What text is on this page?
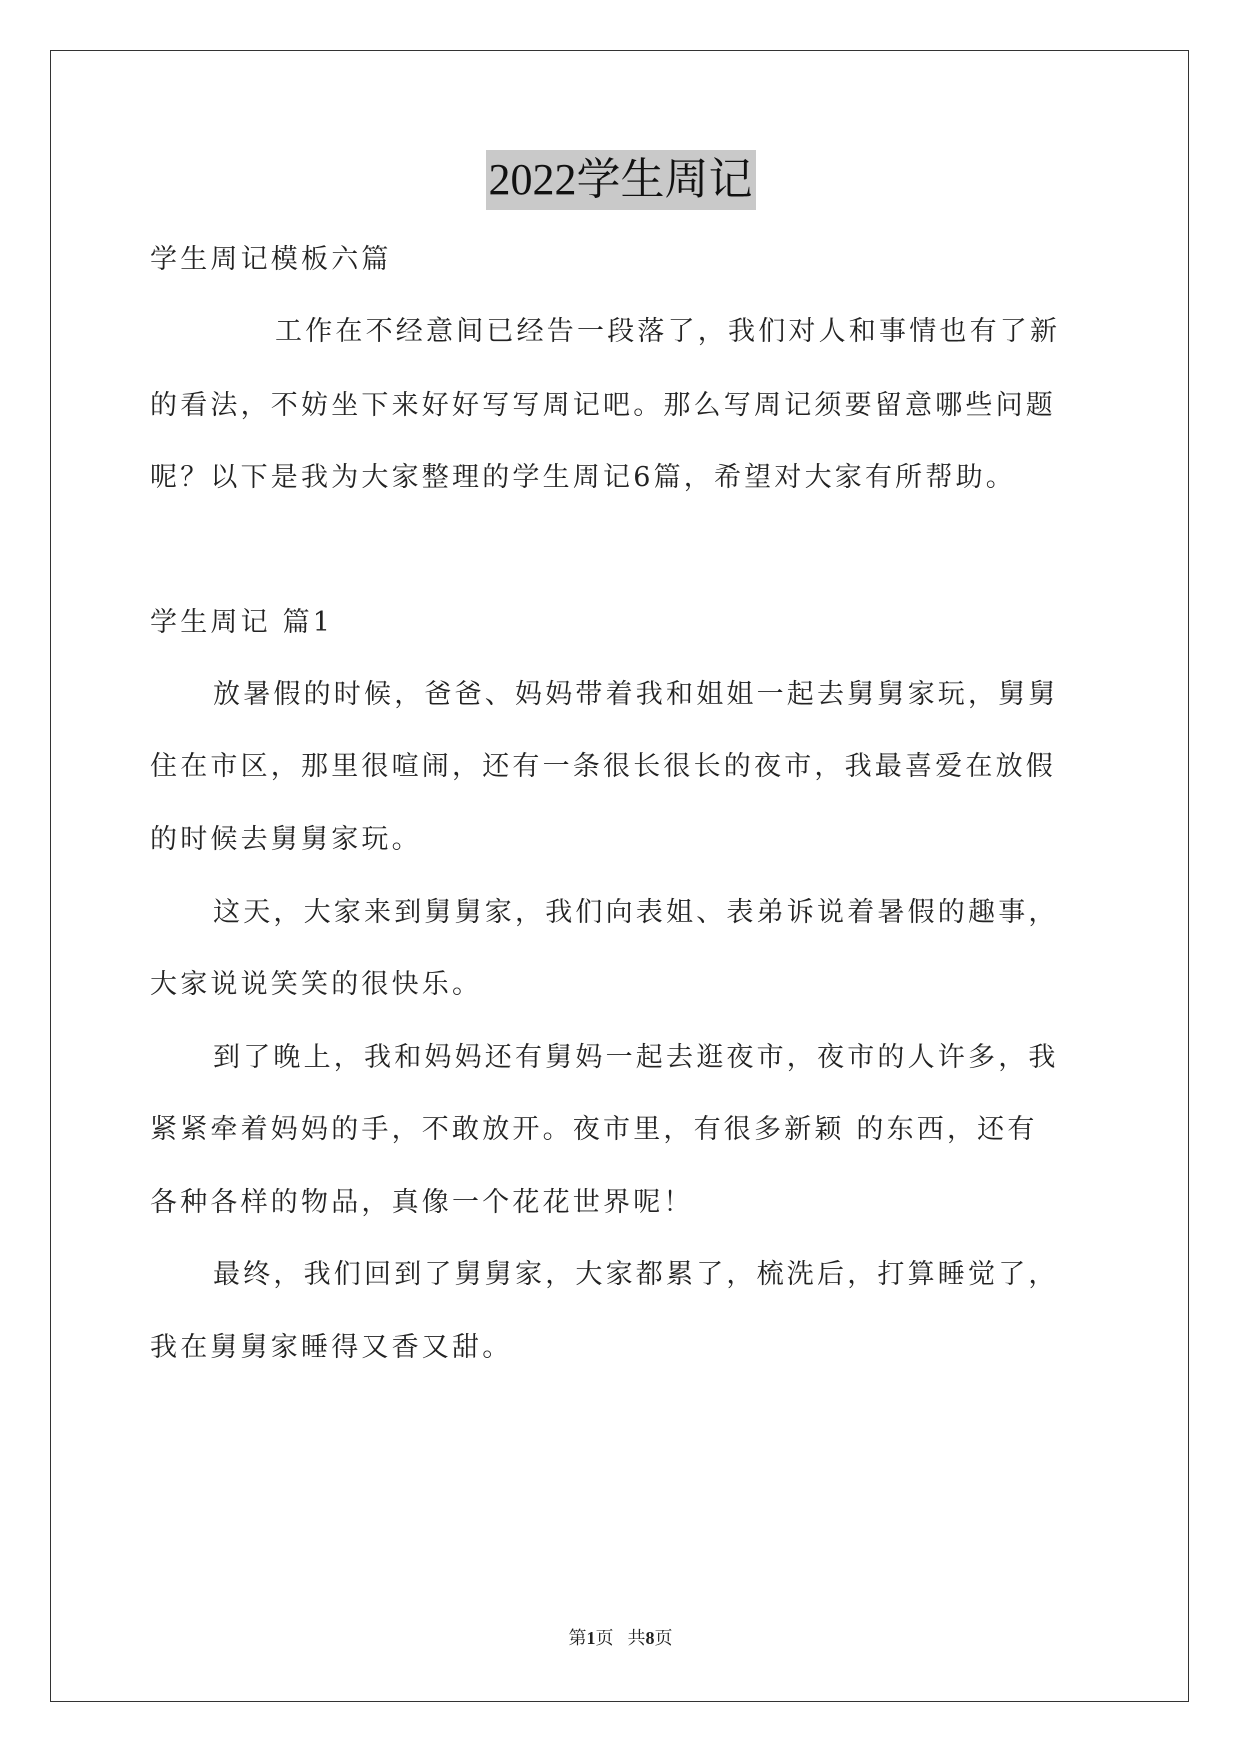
2022学生周记
学生周记模板六篇
工作在不经意间已经告一段落了，我们对人和事情也有了新
的看法，不妨坐下来好好写写周记吧。那么写周记须要留意哪些问题
呢？以下是我为大家整理的学生周记6篇，希望对大家有所帮助。
学生周记 篇1
放暑假的时候，爸爸、妈妈带着我和姐姐一起去舅舅家玩，舅舅
住在市区，那里很喧闹，还有一条很长很长的夜市，我最喜爱在放假
的时候去舅舅家玩。
这天，大家来到舅舅家，我们向表姐、表弟诉说着暑假的趣事，
大家说说笑笑的很快乐。
到了晚上，我和妈妈还有舅妈一起去逛夜市，夜市的人许多，我
紧紧牵着妈妈的手，不敢放开。夜市里，有很多新颖 的东西，还有
各种各样的物品，真像一个花花世界呢！
最终，我们回到了舅舅家，大家都累了，梳洗后，打算睡觉了，
我在舅舅家睡得又香又甜。
第1页 共8页
